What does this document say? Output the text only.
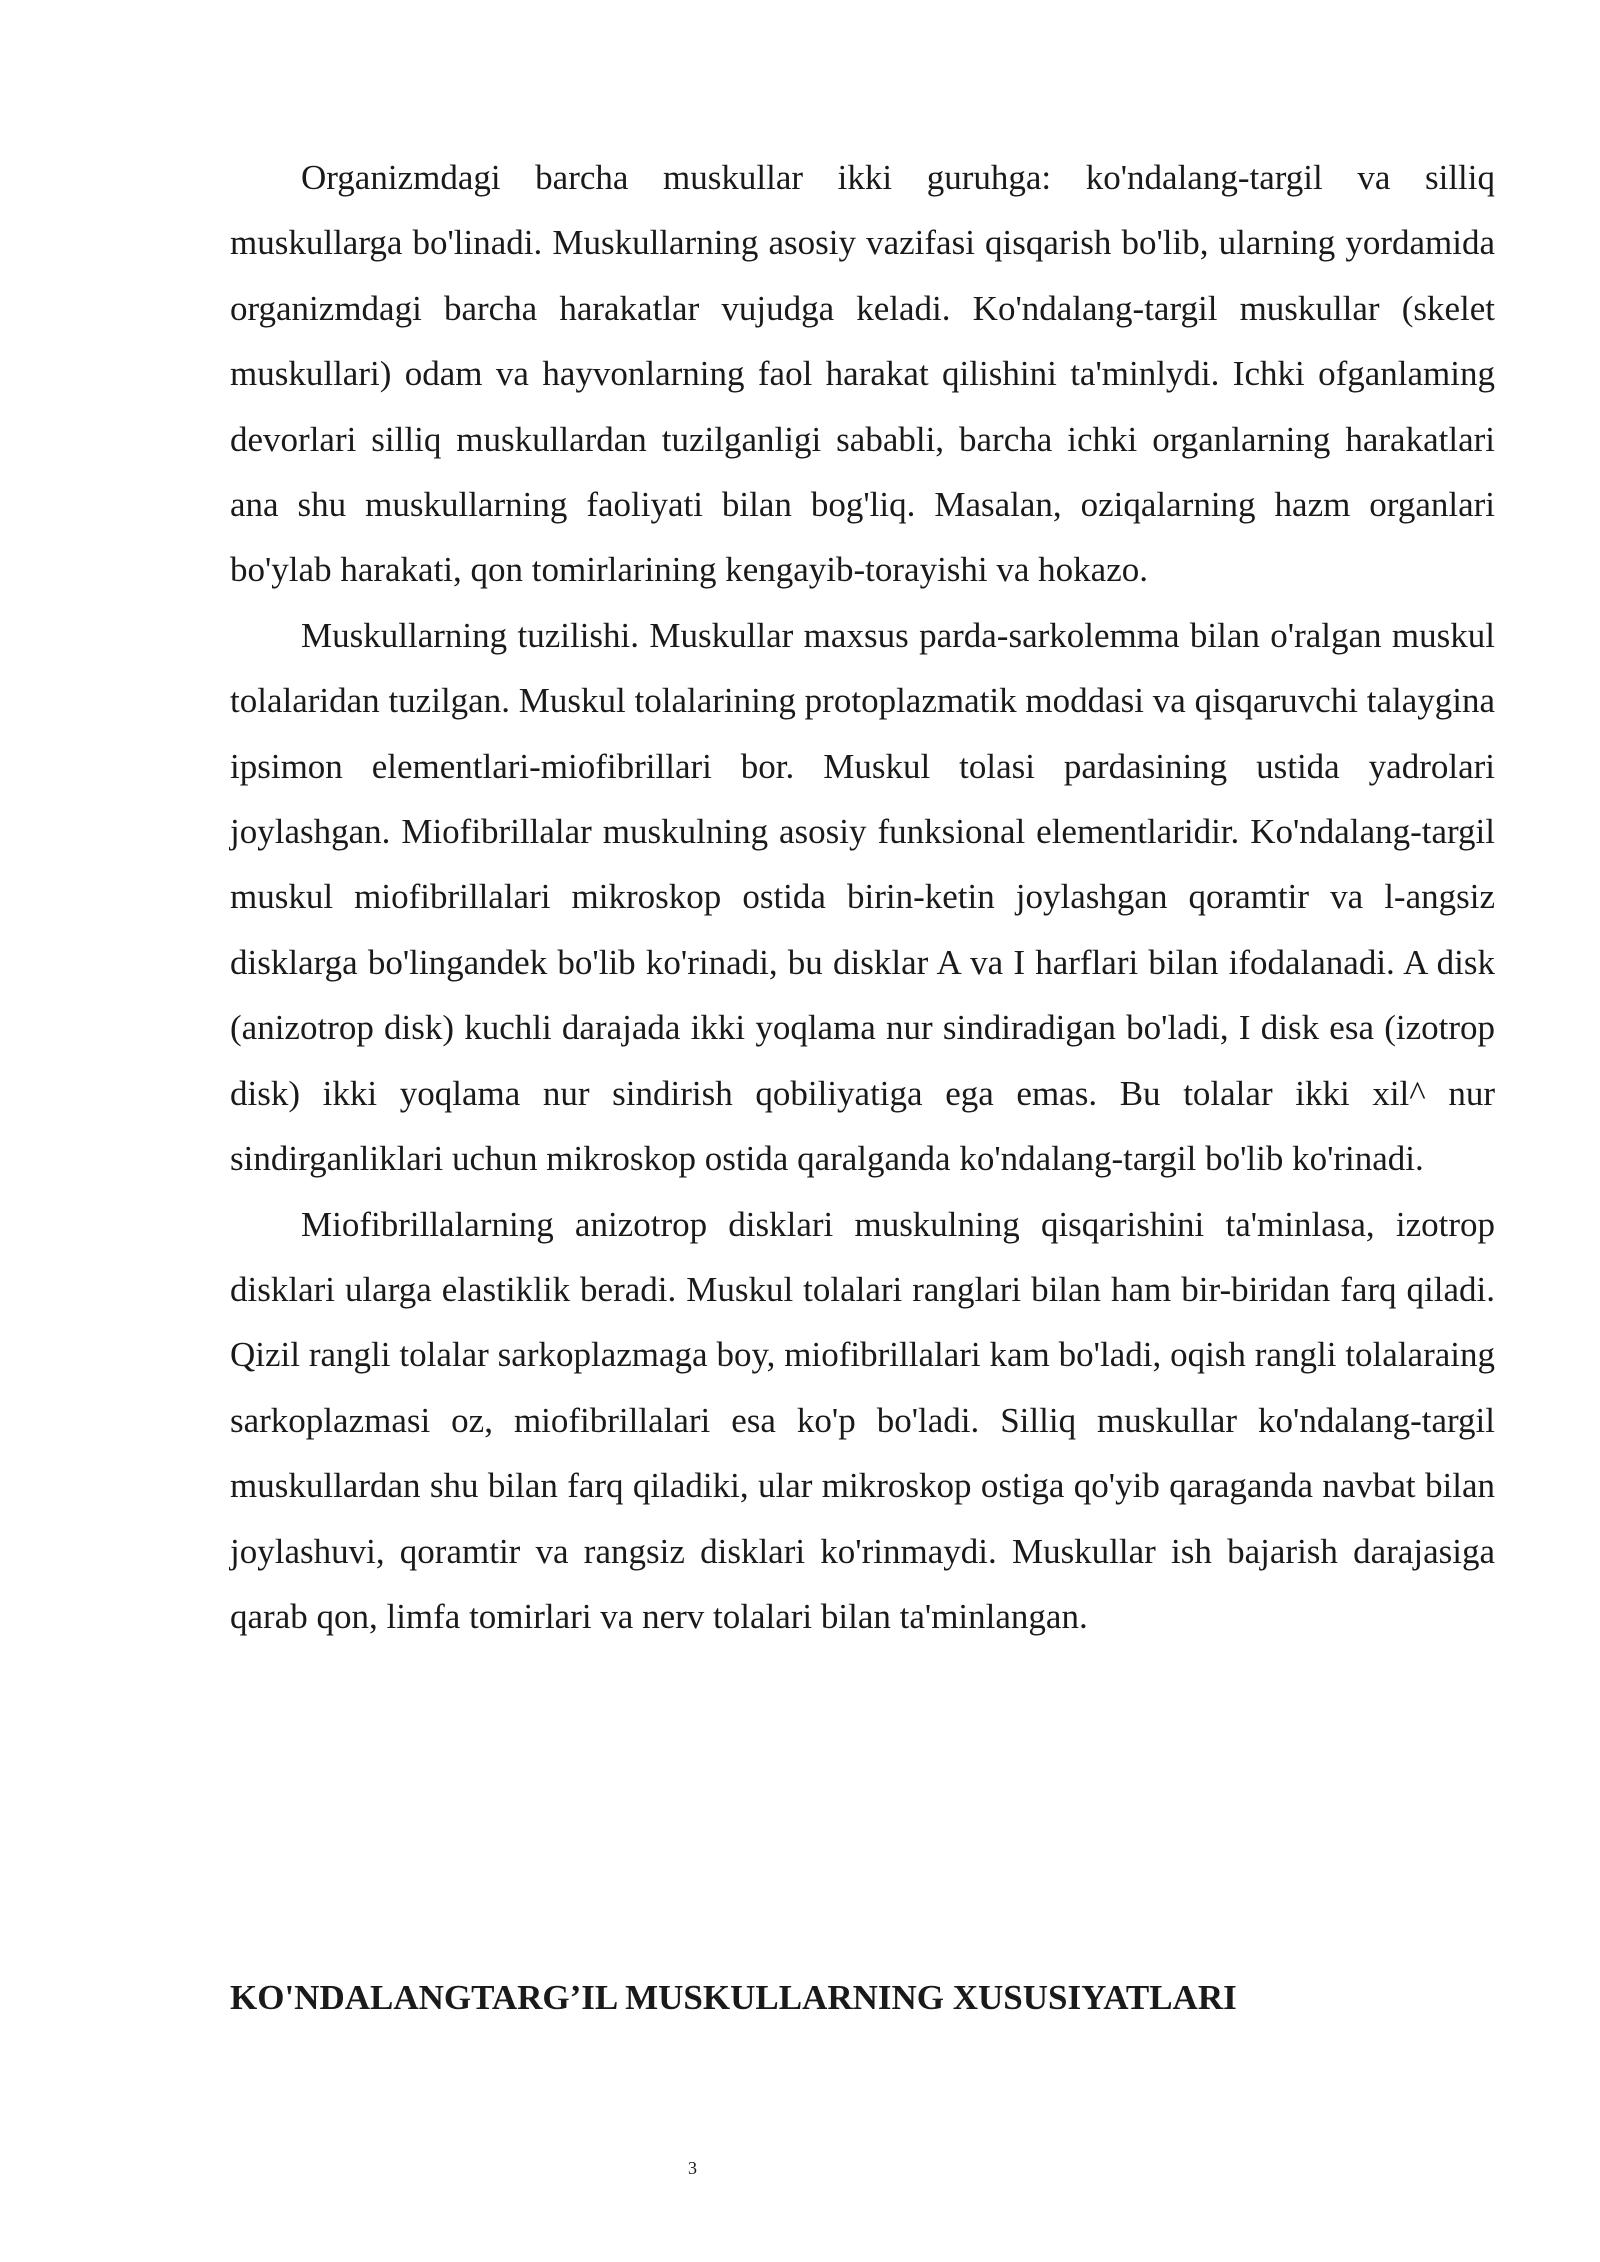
Organizmdagi barcha muskullar ikki guruhga: ko'ndalang-targil va silliq muskullarga bo'linadi. Muskullarning asosiy vazifasi qisqarish bo'lib, ularning yordamida organizmdagi barcha harakatlar vujudga keladi. Ko'ndalang-targil muskullar (skelet muskullari) odam va hayvonlarning faol harakat qilishini ta'minlydi. Ichki ofganlaming devorlari silliq muskullardan tuzilganligi sababli, barcha ichki organlarning harakatlari ana shu muskullarning faoliyati bilan bog'liq. Masalan, oziqalarning hazm organlari bo'ylab harakati, qon tomirlarining kengayib-torayishi va hokazo.

Muskullarning tuzilishi. Muskullar maxsus parda-sarkolemma bilan o'ralgan muskul tolalaridan tuzilgan. Muskul tolalarining protoplazmatik moddasi va qisqaruvchi talaygina ipsimon elementlari-miofibrillari bor. Muskul tolasi pardasining ustida yadrolari joylashgan. Miofibrillalar muskulning asosiy funksional elementlaridir. Ko'ndalang-targil muskul miofibrillalari mikroskop ostida birin-ketin joylashgan qoramtir va l-angsiz disklarga bo'lingandek bo'lib ko'rinadi, bu disklar A va I harflari bilan ifodalanadi. A disk (anizotrop disk) kuchli darajada ikki yoqlama nur sindiradigan bo'ladi, I disk esa (izotrop disk) ikki yoqlama nur sindirish qobiliyatiga ega emas. Bu tolalar ikki xil^ nur sindirganliklari uchun mikroskop ostida qaralganda ko'ndalang-targil bo'lib ko'rinadi.

Miofibrillalarning anizotrop disklari muskulning qisqarishini ta'minlasa, izotrop disklari ularga elastiklik beradi. Muskul tolalari ranglari bilan ham bir-biridan farq qiladi. Qizil rangli tolalar sarkoplazmaga boy, miofibrillalari kam bo'ladi, oqish rangli tolalaraing sarkoplazmasi oz, miofibrillalari esa ko'p bo'ladi. Silliq muskullar ko'ndalang-targil muskullardan shu bilan farq qiladiki, ular mikroskop ostiga qo'yib qaraganda navbat bilan joylashuvi, qoramtir va rangsiz disklari ko'rinmaydi. Muskullar ish bajarish darajasiga qarab qon, limfa tomirlari va nerv tolalari bilan ta'minlangan.

KO'NDALANGTARG’IL MUSKULLARNING XUSUSIYATLARI
3
